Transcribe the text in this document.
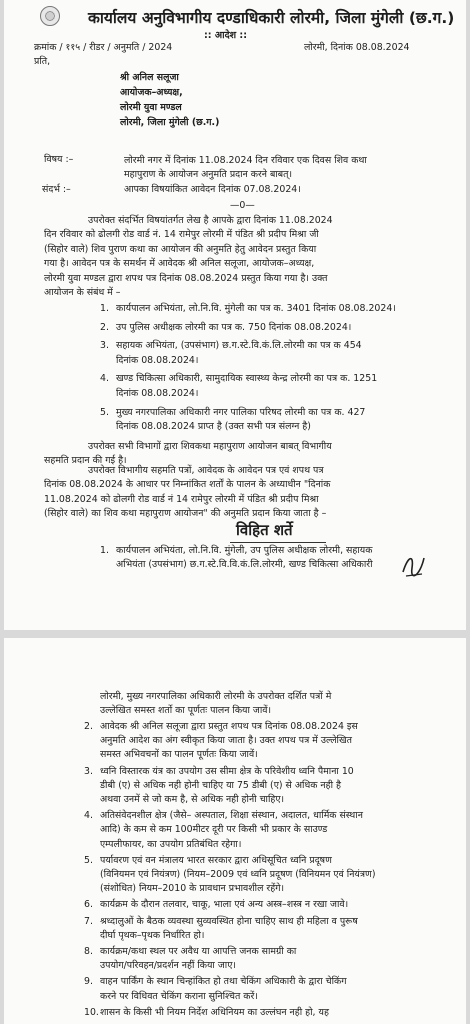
कार्यालय अनुविभागीय दण्डाधिकारी लोरमी, जिला मुंगेली (छ.ग.)
:: आदेश ::
क्रमांक / ११५ / रीडर / अनुमति / 2024	लोरमी, दिनांक 08.08.2024
प्रति,
श्री अनिल सलूजा
आयोजक–अध्यक्ष,
लोरमी युवा मण्डल
लोरमी, जिला मुंगेली (छ.ग.)
विषय :–	लोरमी नगर में दिनांक 11.08.2024 दिन रविवार एक दिवस शिव कथा
महापुराण के आयोजन अनुमति प्रदान करने बाबत्।
संदर्भ :–	आपका विषयांकित आवेदन दिनांक 07.08.2024।
—0—
उपरोक्त संदर्भित विषयांतर्गत लेख है आपके द्वारा दिनांक 11.08.2024
दिन रविवार को ढोलगी रोड वार्ड नं. 14 रामेपुर लोरमी में पंडित श्री प्रदीप मिश्रा जी
(सिहोर वाले) शिव पुराण कथा का आयोजन की अनुमति हेतु आवेदन प्रस्तुत किया
गया है। आवेदन पत्र के समर्थन में आवेदक श्री अनिल सलूजा, आयोजक–अध्यक्ष,
लोरमी युवा मण्डल द्वारा शपथ पत्र दिनांक 08.08.2024 प्रस्तुत किया गया है। उक्त
आयोजन के संबंध में –
1. कार्यपालन अभियंता, लो.नि.वि. मुंगेली का पत्र क. 3401 दिनांक 08.08.2024।
2. उप पुलिस अधीक्षक लोरमी का पत्र क. 750 दिनांक 08.08.2024।
3. सहायक अभियंता, (उपसंभाग) छ.ग.स्टे.वि.कं.लि.लोरमी का पत्र क 454
दिनांक 08.08.2024।
4. खण्ड चिकित्सा अधिकारी, सामुदायिक स्वास्थ्य केन्द्र लोरमी का पत्र क. 1251
दिनांक 08.08.2024।
5. मुख्य नगरपालिका अधिकारी नगर पालिका परिषद लोरमी का पत्र क. 427
दिनांक 08.08.2024 प्राप्त है (उक्त सभी पत्र संलग्न है)
उपरोक्त सभी विभागों द्वारा शिवकथा महापुराण आयोजन बाबत् विभागीय
सहमति प्रदान की गई है।
उपरोक्त विभागीय सहमति पत्रों, आवेदक के आवेदन पत्र एवं शपथ पत्र
दिनांक 08.08.2024 के आधार पर निम्नांकित शर्तों के पालन के अध्याधीन "दिनांक
11.08.2024 को ढोलगी रोड वार्ड नं 14 रामेपुर लोरमी में पंडित श्री प्रदीप मिश्रा
(सिहोर वाले) का शिव कथा महापुराण आयोजन" की अनुमति प्रदान किया जाता है –
विहित शर्ते
1. कार्यपालन अभियंता, लो.नि.वि. मुंगेली, उप पुलिस अधीक्षक लोरमी, सहायक
अभियंता (उपसंभाग) छ.ग.स्टे.वि.वि.कं.लि.लोरमी, खण्ड चिकित्सा अधिकारी
लोरमी, मुख्य नगरपालिका अधिकारी लोरमी के उपरोक्त दर्शित पत्रों मे
उल्लेखित समस्त शर्तो का पूर्णतः पालन किया जावें।
2. आवेदक श्री अनिल सलूजा द्वारा प्रस्तुत शपथ पत्र दिनांक 08.08.2024 इस
अनुमति आदेश का अंग स्वीकृत किया जाता है। उक्त शपथ पत्र में उल्लेखित
समस्त अभिवचनों का पालन पूर्णतः किया जावें।
3. ध्वनि विस्तारक यंत्र का उपयोग उस सीमा क्षेत्र के परिवेशीय ध्वनि पैमाना 10
डीबी (ए) से अधिक नही होनी चाहिए या 75 डीबी (ए) से अधिक नही है
अथवा उनमें से जो कम है, से अधिक नही होनी चाहिए।
4. अतिसंवेदनशील क्षेत्र (जैसे– अस्पताल, शिक्षा संस्थान, अदालत, धार्मिक संस्थान
आदि) के कम से कम 100मीटर दूरी पर किसी भी प्रकार के साउण्ड
एम्पलीफायर, का उपयोग प्रतिबंधित रहेगा।
5. पर्यावरण एवं वन मंत्रालय भारत सरकार द्वारा अधिसूचित ध्वनि प्रदूषण
(विनियमन एवं नियंत्रण) (नियम–2009 एवं ध्वनि प्रदूषण (विनियमन एवं नियंत्रण)
(संशोधित) नियम–2010 के प्रावधान प्रभावशील रहेंगे।
6. कार्यक्रम के दौरान तलवार, चाकू, भाला एवं अन्य अस्त्र–शस्त्र न रखा जावे।
7. श्रध्दालुओं के बैठक व्यवस्था सुव्यवस्थित होना चाहिए साथ ही महिला व पुरूष
दीर्घा पृथक–पृथक निर्धारित हो।
8. कार्यक्रम/कथा स्थल पर अवैध या आपत्ति जनक सामग्री का
उपयोग/परिवहन/प्रदर्शन नहीं किया जाए।
9. वाहन पार्किंग के स्थान चिन्हांकित हो तथा चेकिंग अधिकारी के द्वारा चेकिंग
करने पर विधिवत चेकिंग कराना सुनिश्चित करें।
10.शासन के किसी भी नियम निर्देश अधिनियम का उल्लंघन नही हो, यह
